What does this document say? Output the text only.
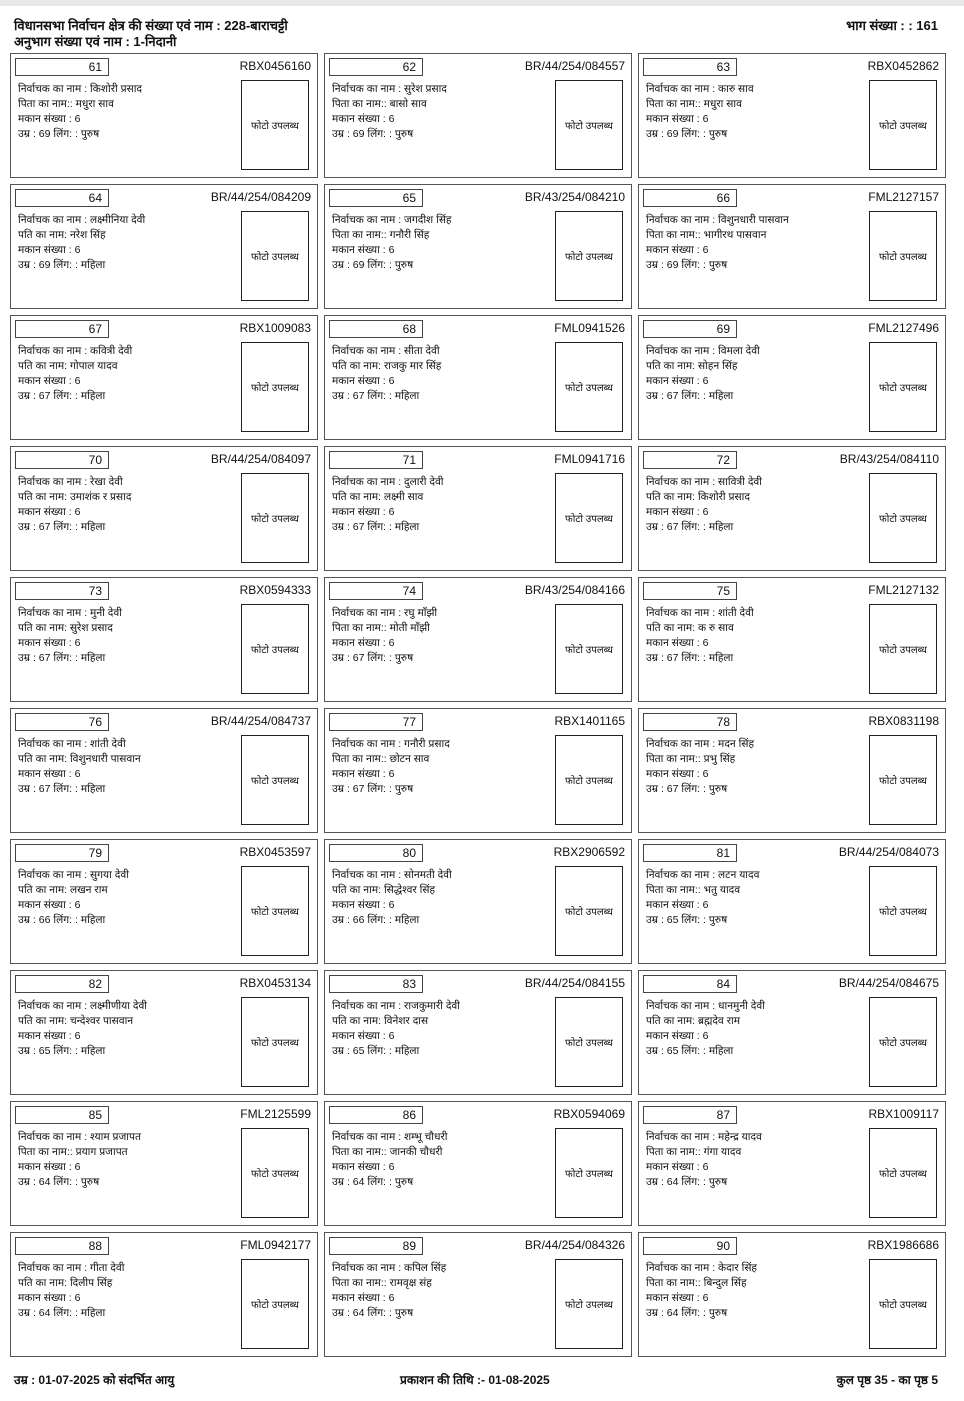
विधानसभा निर्वाचन क्षेत्र की संख्या एवं नाम : 228-बाराचट्टी
अनुभाग संख्या एवं नाम : 1-निदानी
भाग संख्या : : 161
61	RBX0456160
फोटो उपलब्ध
निर्वाचक का नाम : किशोरी प्रसाद
पिता का नाम:: मधुरा साव
मकान संख्या : 6
उम्र : 69 लिंग: : पुरुष
62	BR/44/254/084557
फोटो उपलब्ध
निर्वाचक का नाम : सुरेश प्रसाद
पिता का नाम:: बासो साव
मकान संख्या : 6
उम्र : 69 लिंग: : पुरुष
63	RBX0452862
फोटो उपलब्ध
निर्वाचक का नाम : कारु साव
पिता का नाम:: मधुरा साव
मकान संख्या : 6
उम्र : 69 लिंग: : पुरुष
64	BR/44/254/084209
फोटो उपलब्ध
निर्वाचक का नाम : लक्ष्मीनिया देवी
पति का नाम: नरेश सिंह
मकान संख्या : 6
उम्र : 69 लिंग: : महिला
65	BR/43/254/084210
फोटो उपलब्ध
निर्वाचक का नाम : जगदीश सिंह
पिता का नाम:: गनौरी सिंह
मकान संख्या : 6
उम्र : 69 लिंग: : पुरुष
66	FML2127157
फोटो उपलब्ध
निर्वाचक का नाम : विशुनधारी पासवान
पिता का नाम:: भागीरथ पासवान
मकान संख्या : 6
उम्र : 69 लिंग: : पुरुष
67	RBX1009083
फोटो उपलब्ध
निर्वाचक का नाम : कवित्री देवी
पति का नाम: गोपाल यादव
मकान संख्या : 6
उम्र : 67 लिंग: : महिला
68	FML0941526
फोटो उपलब्ध
निर्वाचक का नाम : सीता देवी
पति का नाम: राजकु मार सिंह
मकान संख्या : 6
उम्र : 67 लिंग: : महिला
69	FML2127496
फोटो उपलब्ध
निर्वाचक का नाम : विमला देवी
पति का नाम: सोहन सिंह
मकान संख्या : 6
उम्र : 67 लिंग: : महिला
70	BR/44/254/084097
फोटो उपलब्ध
निर्वाचक का नाम : रेखा देवी
पति का नाम: उमाशंक र प्रसाद
मकान संख्या : 6
उम्र : 67 लिंग: : महिला
71	FML0941716
फोटो उपलब्ध
निर्वाचक का नाम : दुलारी देवी
पति का नाम: लक्ष्मी साव
मकान संख्या : 6
उम्र : 67 लिंग: : महिला
72	BR/43/254/084110
फोटो उपलब्ध
निर्वाचक का नाम : सावित्री देवी
पति का नाम: किशोरी प्रसाद
मकान संख्या : 6
उम्र : 67 लिंग: : महिला
73	RBX0594333
फोटो उपलब्ध
निर्वाचक का नाम : मुनी देवी
पति का नाम: सुरेश प्रसाद
मकान संख्या : 6
उम्र : 67 लिंग: : महिला
74	BR/43/254/084166
फोटो उपलब्ध
निर्वाचक का नाम : रघु माँझी
पिता का नाम:: मोती माँझी
मकान संख्या : 6
उम्र : 67 लिंग: : पुरुष
75	FML2127132
फोटो उपलब्ध
निर्वाचक का नाम : शांती देवी
पति का नाम: क रु साव
मकान संख्या : 6
उम्र : 67 लिंग: : महिला
76	BR/44/254/084737
फोटो उपलब्ध
निर्वाचक का नाम : शांती देवी
पति का नाम: विशुनधारी पासवान
मकान संख्या : 6
उम्र : 67 लिंग: : महिला
77	RBX1401165
फोटो उपलब्ध
निर्वाचक का नाम : गनौरी प्रसाद
पिता का नाम:: छोटन साव
मकान संख्या : 6
उम्र : 67 लिंग: : पुरुष
78	RBX0831198
फोटो उपलब्ध
निर्वाचक का नाम : मदन सिंह
पिता का नाम:: प्रभु सिंह
मकान संख्या : 6
उम्र : 67 लिंग: : पुरुष
79	RBX0453597
फोटो उपलब्ध
निर्वाचक का नाम : सुगया देवी
पति का नाम: लखन राम
मकान संख्या : 6
उम्र : 66 लिंग: : महिला
80	RBX2906592
फोटो उपलब्ध
निर्वाचक का नाम : सोनमती देवी
पति का नाम: सिद्धेश्वर सिंह
मकान संख्या : 6
उम्र : 66 लिंग: : महिला
81	BR/44/254/084073
फोटो उपलब्ध
निर्वाचक का नाम : लटन यादव
पिता का नाम:: भतु यादव
मकान संख्या : 6
उम्र : 65 लिंग: : पुरुष
82	RBX0453134
फोटो उपलब्ध
निर्वाचक का नाम : लक्ष्मीणीया देवी
पति का नाम: चन्देश्वर पासवान
मकान संख्या : 6
उम्र : 65 लिंग: : महिला
83	BR/44/254/084155
फोटो उपलब्ध
निर्वाचक का नाम : राजकुमारी देवी
पति का नाम: विनेशर दास
मकान संख्या : 6
उम्र : 65 लिंग: : महिला
84	BR/44/254/084675
फोटो उपलब्ध
निर्वाचक का नाम : धानमुनी देवी
पति का नाम: ब्रह्मदेव राम
मकान संख्या : 6
उम्र : 65 लिंग: : महिला
85	FML2125599
फोटो उपलब्ध
निर्वाचक का नाम : श्याम प्रजापत
पिता का नाम:: प्रयाग प्रजापत
मकान संख्या : 6
उम्र : 64 लिंग: : पुरुष
86	RBX0594069
फोटो उपलब्ध
निर्वाचक का नाम : शम्भू चौधरी
पिता का नाम:: जानकी चौधरी
मकान संख्या : 6
उम्र : 64 लिंग: : पुरुष
87	RBX1009117
फोटो उपलब्ध
निर्वाचक का नाम : महेन्द्र यादव
पिता का नाम:: गंगा यादव
मकान संख्या : 6
उम्र : 64 लिंग: : पुरुष
88	FML0942177
फोटो उपलब्ध
निर्वाचक का नाम : गीता देवी
पति का नाम: दिलीप सिंह
मकान संख्या : 6
उम्र : 64 लिंग: : महिला
89	BR/44/254/084326
फोटो उपलब्ध
निर्वाचक का नाम : कपिल सिंह
पिता का नाम:: रामवृक्ष संह
मकान संख्या : 6
उम्र : 64 लिंग: : पुरुष
90	RBX1986686
फोटो उपलब्ध
निर्वाचक का नाम : केदार सिंह
पिता का नाम:: बिन्दुल सिंह
मकान संख्या : 6
उम्र : 64 लिंग: : पुरुष
उम्र : 01-07-2025 को संदर्भित आयु	प्रकाशन की तिथि :- 01-08-2025	कुल पृष्ठ 35 - का पृष्ठ 5
